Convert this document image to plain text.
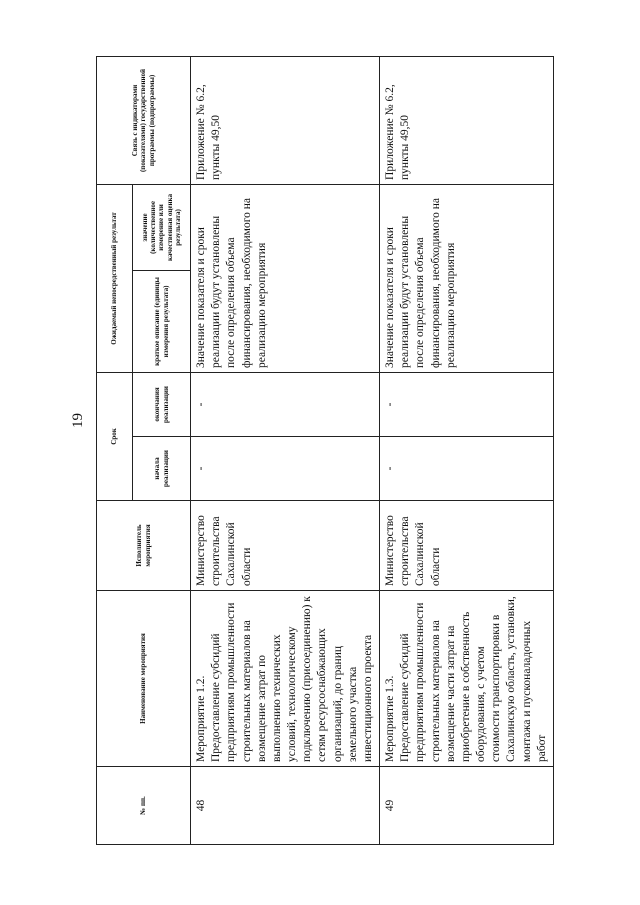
19
№ пп.	Наименование мероприятия	Исполнитель мероприятия	Срок		Ожидаемый непосредственный результат		Связь с индикаторами (показателями) государственной программы (подпрограммы)
			начала реализации	окончания реализации	краткое описание (единицы измерения результата)	значение (количественное измерение или качественная оценка результата)	
48	Мероприятие 1.2. Предоставление субсидий предприятиям промышленности строительных материалов на возмещение затрат по выполнению технических условий, технологическому подключению (присоединению) к сетям ресурсоснабжающих организаций, до границ земельного участка инвестиционного проекта	Министерство строительства Сахалинской области	-	-	Значение показателя и сроки реализации будут установлены после определения объема финансирования, необходимого на реализацию мероприятия		Приложение № 6.2, пункты 49,50
49	Мероприятие 1.3. Предоставление субсидий предприятиям промышленности строительных материалов на возмещение части затрат на приобретение в собственность оборудования, с учетом стоимости транспортировки в Сахалинскую область, установки, монтажа и пусконаладочных работ	Министерство строительства Сахалинской области	-	-	Значение показателя и сроки реализации будут установлены после определения объема финансирования, необходимого на реализацию мероприятия		Приложение № 6.2, пункты 49,50
